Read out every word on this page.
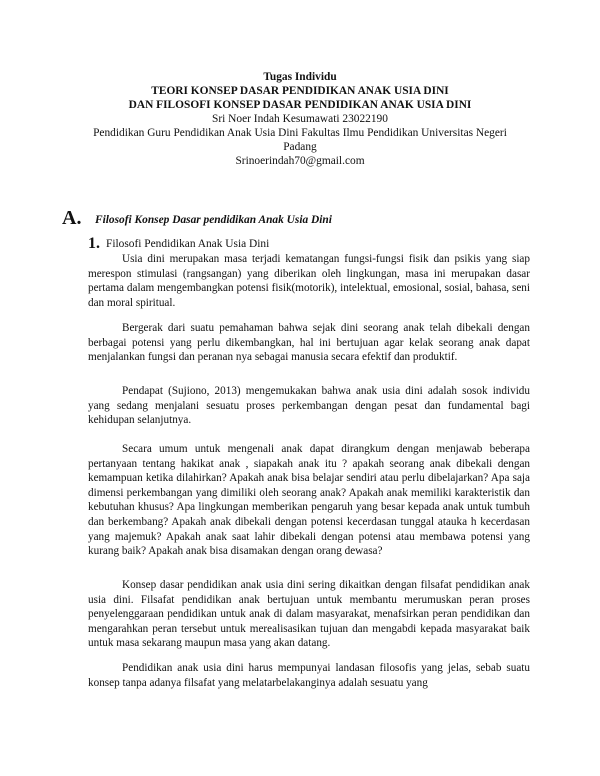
Tugas Individu
TEORI KONSEP DASAR PENDIDIKAN ANAK USIA DINI
DAN FILOSOFI KONSEP DASAR PENDIDIKAN ANAK USIA DINI
Sri Noer Indah Kesumawati 23022190
Pendidikan Guru Pendidikan Anak Usia Dini Fakultas Ilmu Pendidikan Universitas Negeri
Padang
Srinoerindah70@gmail.com
A. Filosofi Konsep Dasar pendidikan Anak Usia Dini
1. Filosofi Pendidikan Anak Usia Dini

Usia dini merupakan masa terjadi kematangan fungsi-fungsi fisik dan psikis yang siap merespon stimulasi (rangsangan) yang diberikan oleh lingkungan, masa ini merupakan dasar pertama dalam mengembangkan potensi fisik(motorik), intelektual, emosional, sosial, bahasa, seni dan moral spiritual.

Bergerak dari suatu pemahaman bahwa sejak dini seorang anak telah dibekali dengan berbagai potensi yang perlu dikembangkan, hal ini bertujuan agar kelak seorang anak dapat menjalankan fungsi dan peranan nya sebagai manusia secara efektif dan produktif.

Pendapat (Sujiono, 2013) mengemukakan bahwa anak usia dini adalah sosok individu yang sedang menjalani sesuatu proses perkembangan dengan pesat dan fundamental bagi kehidupan selanjutnya.

Secara umum untuk mengenali anak dapat dirangkum dengan menjawab beberapa pertanyaan tentang hakikat anak , siapakah anak itu ? apakah seorang anak dibekali dengan kemampuan ketika dilahirkan? Apakah anak bisa belajar sendiri atau perlu dibelajarkan? Apa saja dimensi perkembangan yang dimiliki oleh seorang anak? Apakah anak memiliki karakteristik dan kebutuhan khusus? Apa lingkungan memberikan pengaruh yang besar kepada anak untuk tumbuh dan berkembang? Apakah anak dibekali dengan potensi kecerdasan tunggal atauka h kecerdasan yang majemuk? Apakah anak saat lahir dibekali dengan potensi atau membawa potensi yang kurang baik? Apakah anak bisa disamakan dengan orang dewasa?

Konsep dasar pendidikan anak usia dini sering dikaitkan dengan filsafat pendidikan anak usia dini. Filsafat pendidikan anak bertujuan untuk membantu merumuskan peran proses penyelenggaraan pendidikan untuk anak di dalam masyarakat, menafsirkan peran pendidikan dan mengarahkan peran tersebut untuk merealisasikan tujuan dan mengabdi kepada masyarakat baik untuk masa sekarang maupun masa yang akan datang.

Pendidikan anak usia dini harus mempunyai landasan filosofis yang jelas, sebab suatu konsep tanpa adanya filsafat yang melatarbelakanginya adalah sesuatu yang
